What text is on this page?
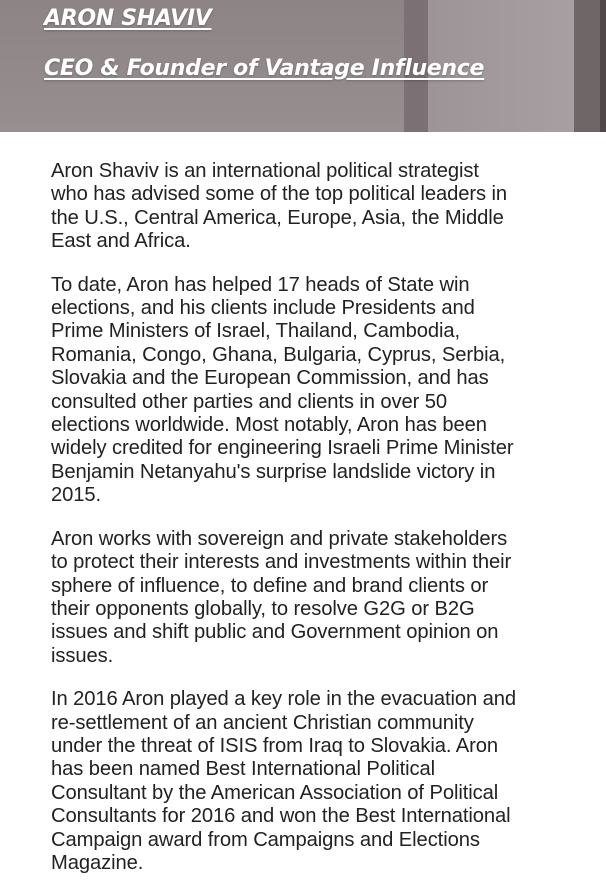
ARON SHAVIV
CEO & Founder of Vantage Influence

Aron Shaviv is an international political strategist who has advised some of the top political leaders in the U.S., Central America, Europe, Asia, the Middle East and Africa.

To date, Aron has helped 17 heads of State win elections, and his clients include Presidents and Prime Ministers of Israel, Thailand, Cambodia, Romania, Congo, Ghana, Bulgaria, Cyprus, Serbia, Slovakia and the European Commission, and has consulted other parties and clients in over 50 elections worldwide. Most notably, Aron has been widely credited for engineering Israeli Prime Minister Benjamin Netanyahu's surprise landslide victory in 2015.

Aron works with sovereign and private stakeholders to protect their interests and investments within their sphere of influence, to define and brand clients or their opponents globally, to resolve G2G or B2G issues and shift public and Government opinion on issues.

In 2016 Aron played a key role in the evacuation and re-settlement of an ancient Christian community under the threat of ISIS from Iraq to Slovakia. Aron has been named Best International Political Consultant by the American Association of Political Consultants for 2016 and won the Best International Campaign award from Campaigns and Elections Magazine.
